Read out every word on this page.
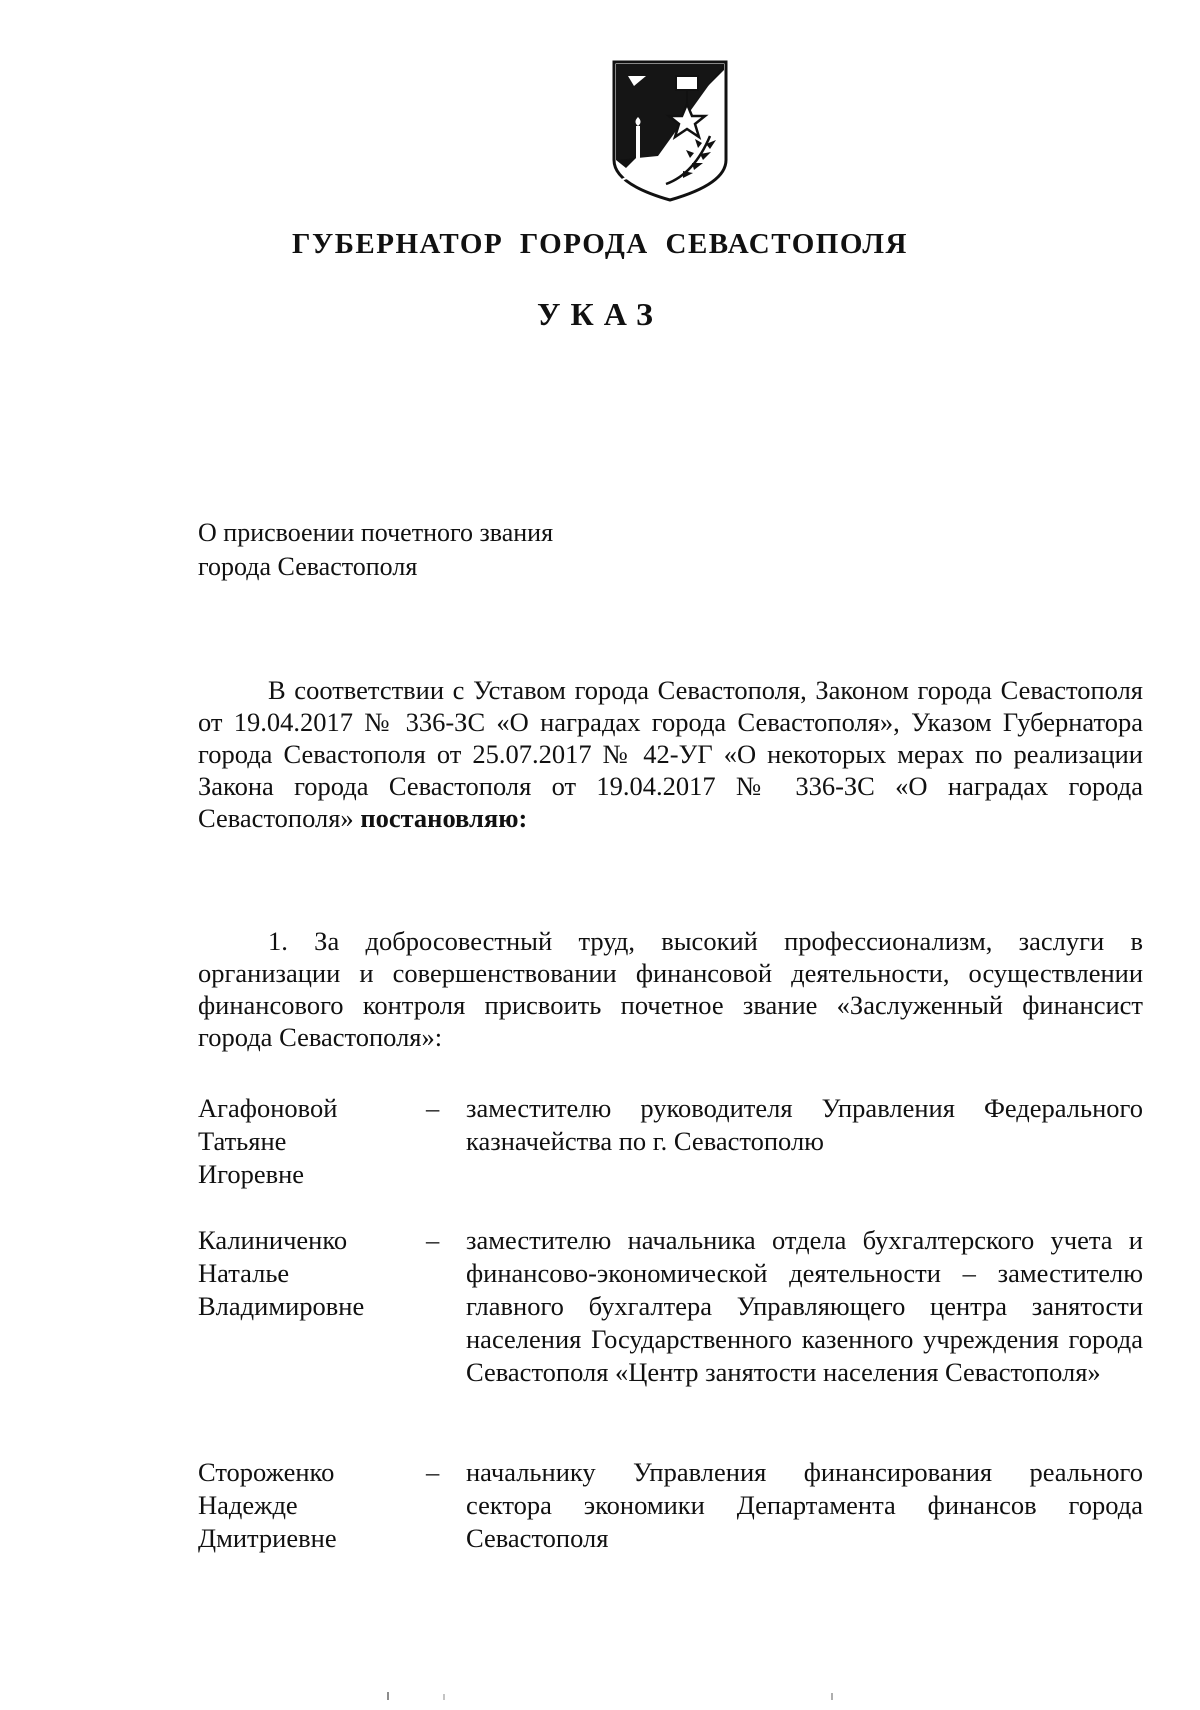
ГУБЕРНАТОР ГОРОДА СЕВАСТОПОЛЯ
УКАЗ
О присвоении почетного звания
города Севастополя
В соответствии с Уставом города Севастополя, Законом города Севастополя от 19.04.2017 № 336-ЗС «О наградах города Севастополя», Указом Губернатора города Севастополя от 25.07.2017 № 42-УГ «О некоторых мерах по реализации Закона города Севастополя от 19.04.2017 № 336-ЗС «О наградах города Севастополя» постановляю:
1. За добросовестный труд, высокий профессионализм, заслуги в организации и совершенствовании финансовой деятельности, осуществлении финансового контроля присвоить почетное звание «Заслуженный финансист города Севастополя»:
Агафоновой
Татьяне
Игоревне
– заместителю руководителя Управления Федерального казначейства по г. Севастополю
Калиниченко
Наталье
Владимировне
– заместителю начальника отдела бухгалтерского учета и финансово-экономической деятельности – заместителю главного бухгалтера Управляющего центра занятости населения Государственного казенного учреждения города Севастополя «Центр занятости населения Севастополя»
Стороженко
Надежде
Дмитриевне
– начальнику Управления финансирования реального сектора экономики Департамента финансов города Севастополя
